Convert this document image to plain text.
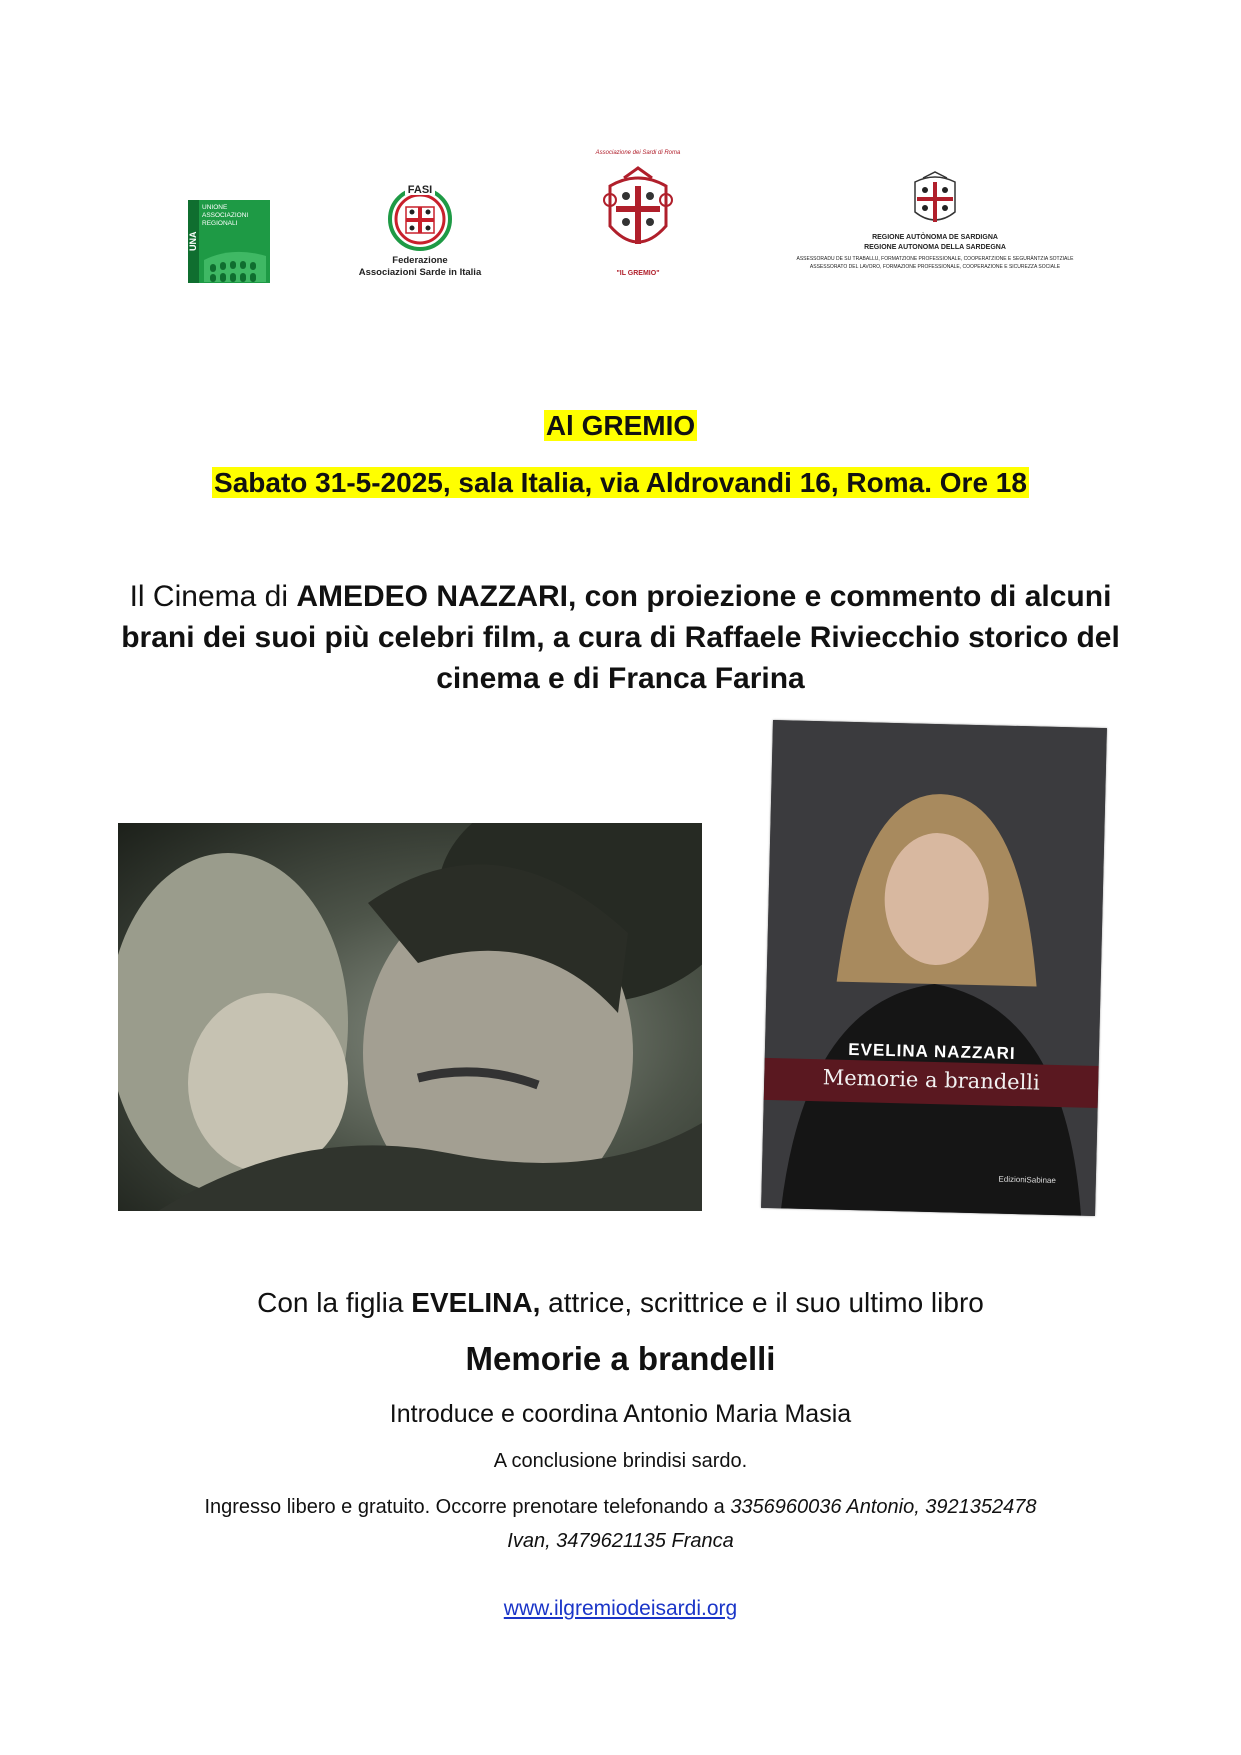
UNA
UNIONE
ASSOCIAZIONI
REGIONALI
FASI
Federazione
Associazioni Sarde in Italia
Associazione dei Sardi di Roma
"IL GREMIO"
REGIONE AUTÒNOMA DE SARDIGNA
REGIONE AUTONOMA DELLA SARDEGNA
ASSESSORADU DE SU TRABALLU, FORMATZIONE PROFESSIONALE, COOPERATZIONE E SEGURÀNTZIA SOTZIALE
ASSESSORATO DEL LAVORO, FORMAZIONE PROFESSIONALE, COOPERAZIONE E SICUREZZA SOCIALE
Al GREMIO
Sabato 31-5-2025, sala Italia, via Aldrovandi 16, Roma. Ore 18
Il Cinema di AMEDEO NAZZARI, con proiezione e commento di alcuni brani dei suoi più celebri film, a cura di Raffaele Riviecchio storico del cinema e di Franca Farina
EVELINA NAZZARI
Memorie a brandelli
EdizioniSabinae
Con la figlia EVELINA, attrice, scrittrice e il suo ultimo libro
Memorie a brandelli
Introduce e coordina Antonio Maria Masia
A conclusione brindisi sardo.
Ingresso libero e gratuito. Occorre prenotare telefonando a 3356960036 Antonio, 3921352478
Ivan, 3479621135 Franca
www.ilgremiodeisardi.org
